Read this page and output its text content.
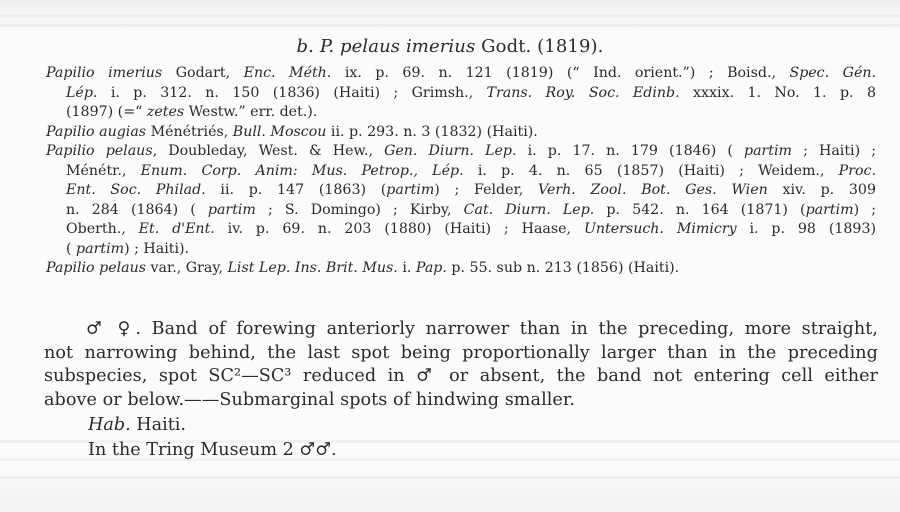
b. P. pelaus imerius Godt. (1819).
Papilio imerius Godart, Enc. Méth. ix. p. 69. n. 121 (1819) (“ Ind. orient.”) ; Boisd., Spec. Gén.
Lép. i. p. 312. n. 150 (1836) (Haiti) ; Grimsh., Trans. Roy. Soc. Edinb. xxxix. 1. No. 1. p. 8
(1897) (=“ zetes Westw.” err. det.).
Papilio augias Ménétriés, Bull. Moscou ii. p. 293. n. 3 (1832) (Haiti).
Papilio pelaus, Doubleday, West. & Hew., Gen. Diurn. Lep. i. p. 17. n. 179 (1846) ( partim ; Haiti) ;
Ménétr., Enum. Corp. Anim: Mus. Petrop., Lép. i. p. 4. n. 65 (1857) (Haiti) ; Weidem., Proc.
Ent. Soc. Philad. ii. p. 147 (1863) (partim) ; Felder, Verh. Zool. Bot. Ges. Wien xiv. p. 309
n. 284 (1864) ( partim ; S. Domingo) ; Kirby, Cat. Diurn. Lep. p. 542. n. 164 (1871) (partim) ;
Oberth., Et. d'Ent. iv. p. 69. n. 203 (1880) (Haiti) ; Haase, Untersuch. Mimicry i. p. 98 (1893)
( partim) ; Haiti).
Papilio pelaus var., Gray, List Lep. Ins. Brit. Mus. i. Pap. p. 55. sub n. 213 (1856) (Haiti).
♂ ♀. Band of forewing anteriorly narrower than in the preceding, more straight,
not narrowing behind, the last spot being proportionally larger than in the preceding
subspecies, spot SC²—SC³ reduced in ♂ or absent, the band not entering cell either
above or below.——Submarginal spots of hindwing smaller.
Hab. Haiti.
In the Tring Museum 2 ♂♂.
